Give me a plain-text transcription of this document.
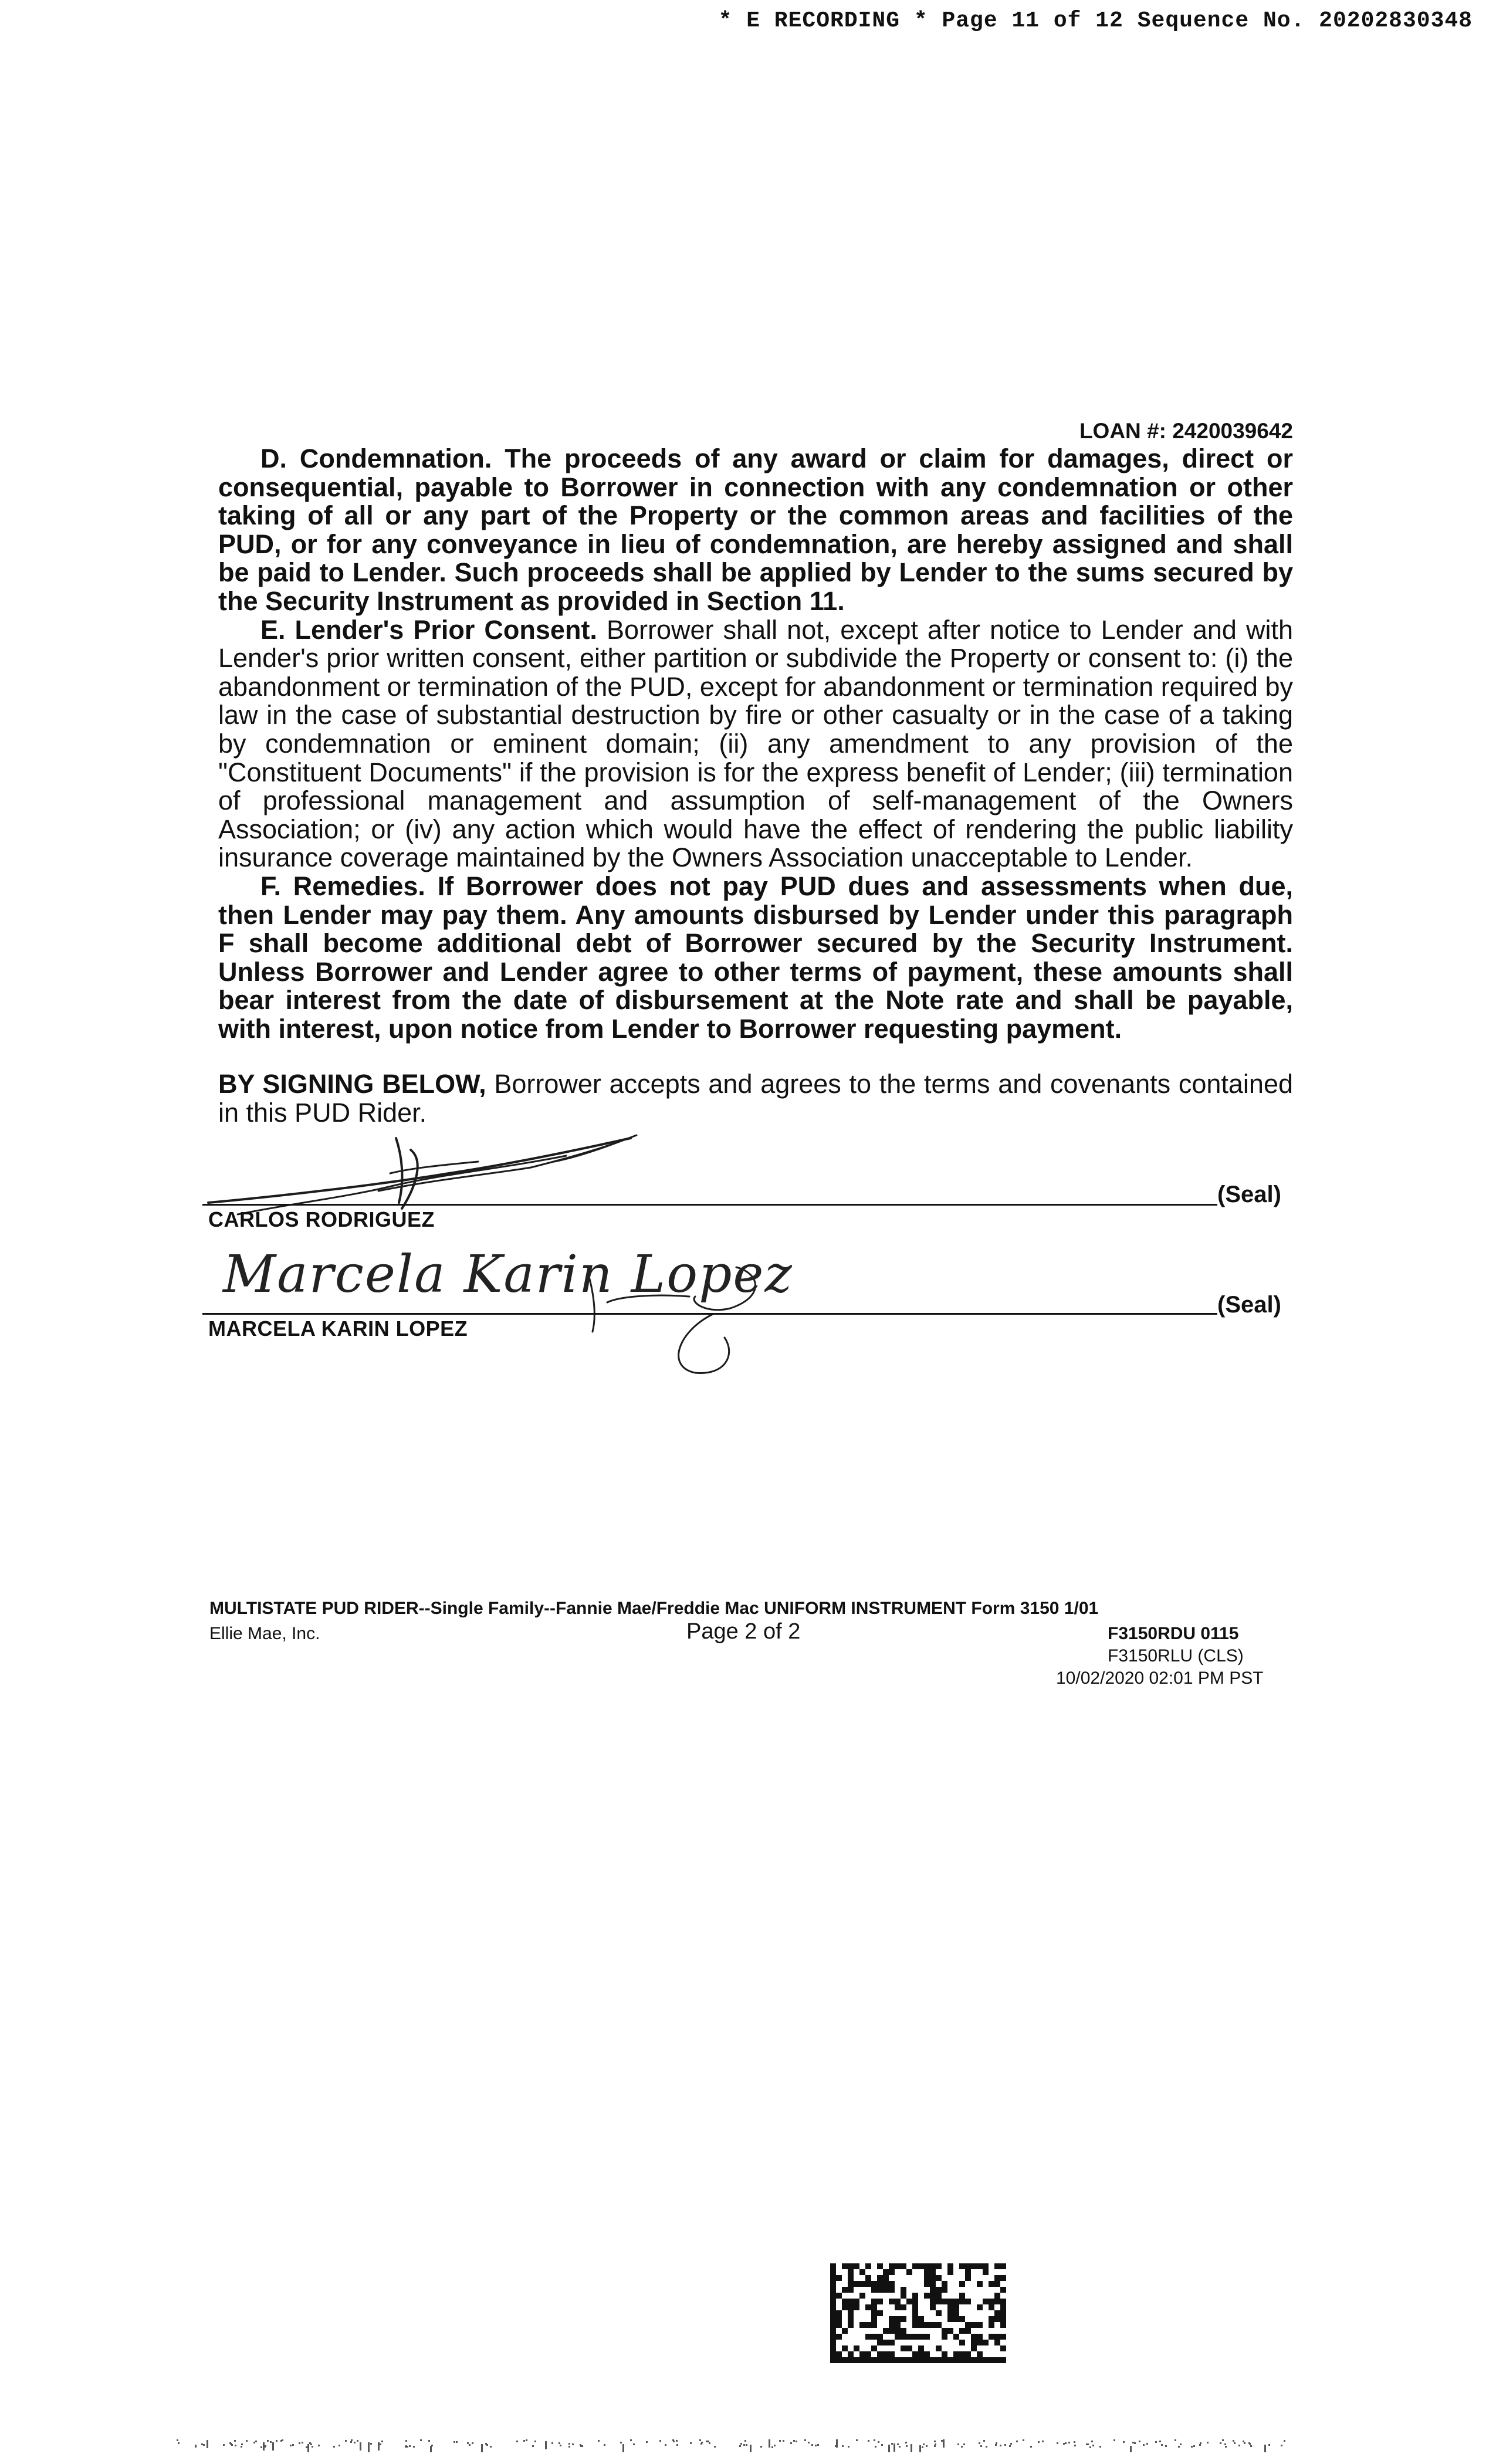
* E RECORDING * Page 11 of 12 Sequence No. 20202830348
LOAN #: 2420039642

D. Condemnation. The proceeds of any award or claim for damages, direct or consequential, payable to Borrower in connection with any condemnation or other taking of all or any part of the Property or the common areas and facilities of the PUD, or for any conveyance in lieu of condemnation, are hereby assigned and shall be paid to Lender. Such proceeds shall be applied by Lender to the sums secured by the Security Instrument as provided in Section 11.

E. Lender's Prior Consent. Borrower shall not, except after notice to Lender and with Lender's prior written consent, either partition or subdivide the Property or consent to: (i) the abandonment or termination of the PUD, except for abandonment or termination required by law in the case of substantial destruction by fire or other casualty or in the case of a taking by condemnation or eminent domain; (ii) any amendment to any provision of the "Constituent Documents" if the provision is for the express benefit of Lender; (iii) termination of professional management and assumption of self-management of the Owners Association; or (iv) any action which would have the effect of rendering the public liability insurance coverage maintained by the Owners Association unacceptable to Lender.

F. Remedies. If Borrower does not pay PUD dues and assessments when due, then Lender may pay them. Any amounts disbursed by Lender under this paragraph F shall become additional debt of Borrower secured by the Security Instrument. Unless Borrower and Lender agree to other terms of payment, these amounts shall bear interest from the date of disbursement at the Note rate and shall be payable, with interest, upon notice from Lender to Borrower requesting payment.

BY SIGNING BELOW, Borrower accepts and agrees to the terms and covenants contained in this PUD Rider.

(Seal)
CARLOS RODRIGUEZ
Marcela Karin Lopez
(Seal)
MARCELA KARIN LOPEZ
MULTISTATE PUD RIDER--Single Family--Fannie Mae/Freddie Mac UNIFORM INSTRUMENT Form 3150 1/01
Ellie Mae, Inc.	Page 2 of 2	F3150RDU 0115
F3150RLU (CLS)
10/02/2020 02:01 PM PST
